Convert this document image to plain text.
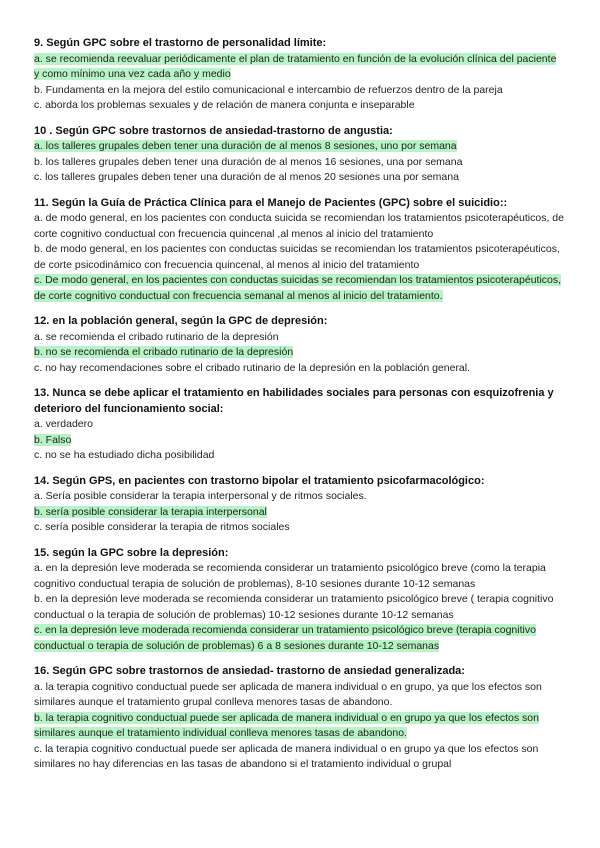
9. Según GPC sobre el trastorno de personalidad límite:
a. se recomienda reevaluar periódicamente el plan de tratamiento en función de la evolución clínica del paciente y como mínimo una vez cada año y medio
b. Fundamenta en la mejora del estilo comunicacional e intercambio de refuerzos dentro de la pareja
c. aborda los problemas sexuales y de relación de manera conjunta e inseparable
10 . Según GPC sobre trastornos de ansiedad-trastorno de angustia:
a. los talleres grupales deben tener una duración de al menos 8 sesiones, uno por semana
b. los talleres grupales deben tener una duración de al menos 16 sesiones, una por semana
c. los talleres grupales deben tener una duración de al menos 20 sesiones una por semana
11. Según la Guía de Práctica Clínica para el Manejo de Pacientes (GPC) sobre el suicidio::
a. de modo general, en los pacientes con conducta suicida se recomiendan los tratamientos psicoterapéuticos, de corte cognitivo conductual con frecuencia quincenal ,al menos al inicio del tratamiento
b. de modo general, en los pacientes con conductas suicidas se recomiendan los tratamientos psicoterapéuticos, de corte psicodinámico con frecuencia quincenal, al menos al inicio del tratamiento
c. De modo general, en los pacientes con conductas suicidas se recomiendan los tratamientos psicoterapéuticos, de corte cognitivo conductual con frecuencia semanal al menos al inicio del tratamiento.
12. en la población general, según la GPC de depresión:
a. se recomienda el cribado rutinario de la depresión
b. no se recomienda el cribado rutinario de la depresión
c. no hay recomendaciones sobre el cribado rutinario de la depresión en la población general.
13. Nunca se debe aplicar el tratamiento en habilidades sociales para personas con esquizofrenia y deterioro del funcionamiento social:
a. verdadero
b. Falso
c. no se ha estudiado dicha posibilidad
14. Según GPS, en pacientes con trastorno bipolar el tratamiento psicofarmacológico:
a. Sería posible considerar la terapia interpersonal y de ritmos sociales.
b. sería posible considerar la terapia interpersonal
c. sería posible considerar la terapia de ritmos sociales
15. según la GPC sobre la depresión:
a. en la depresión leve moderada se recomienda considerar un tratamiento psicológico breve (como la terapia cognitivo conductual terapia de solución de problemas), 8-10 sesiones durante 10-12 semanas
b. en la depresión leve moderada se recomienda considerar un tratamiento psicológico breve ( terapia cognitivo conductual o la terapia de solución de problemas) 10-12 sesiones durante 10-12 semanas
c. en la depresión leve moderada recomienda considerar un tratamiento psicológico breve (terapia cognitivo conductual o terapia de solución de problemas) 6 a 8 sesiones durante 10-12 semanas
16. Según GPC sobre trastornos de ansiedad- trastorno de ansiedad generalizada:
a. la terapia cognitivo conductual puede ser aplicada de manera individual o en grupo, ya que los efectos son similares aunque el tratamiento grupal conlleva menores tasas de abandono.
b. la terapia cognitivo conductual puede ser aplicada de manera individual o en grupo ya que los efectos son similares aunque el tratamiento individual conlleva menores tasas de abandono.
c. la terapia cognitivo conductual puede ser aplicada de manera individual o en grupo ya que los efectos son similares no hay diferencias en las tasas de abandono si el tratamiento individual o grupal
